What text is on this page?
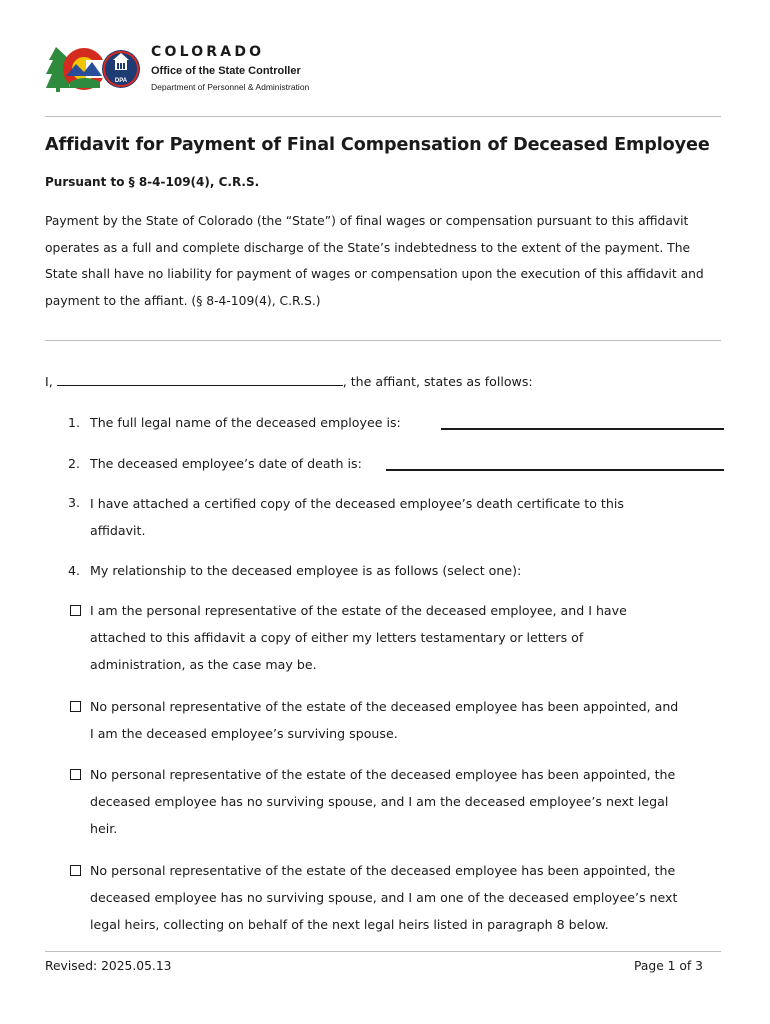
DPA
COLORADO
Office of the State Controller
Department of Personnel & Administration
Affidavit for Payment of Final Compensation of Deceased Employee
Pursuant to § 8-4-109(4), C.R.S.
Payment by the State of Colorado (the “State”) of final wages or compensation pursuant to this affidavit
operates as a full and complete discharge of the State’s indebtedness to the extent of the payment. The
State shall have no liability for payment of wages or compensation upon the execution of this affidavit and
payment to the affiant. (§ 8-4-109(4), C.R.S.)
I,	, the affiant, states as follows:
1. The full legal name of the deceased employee is:
2. The deceased employee’s date of death is:
3. I have attached a certified copy of the deceased employee’s death certificate to this
affidavit.
4. My relationship to the deceased employee is as follows (select one):
I am the personal representative of the estate of the deceased employee, and I have
attached to this affidavit a copy of either my letters testamentary or letters of
administration, as the case may be.
No personal representative of the estate of the deceased employee has been appointed, and
I am the deceased employee’s surviving spouse.
No personal representative of the estate of the deceased employee has been appointed, the
deceased employee has no surviving spouse, and I am the deceased employee’s next legal
heir.
No personal representative of the estate of the deceased employee has been appointed, the
deceased employee has no surviving spouse, and I am one of the deceased employee’s next
legal heirs, collecting on behalf of the next legal heirs listed in paragraph 8 below.
Revised: 2025.05.13	Page 1 of 3
